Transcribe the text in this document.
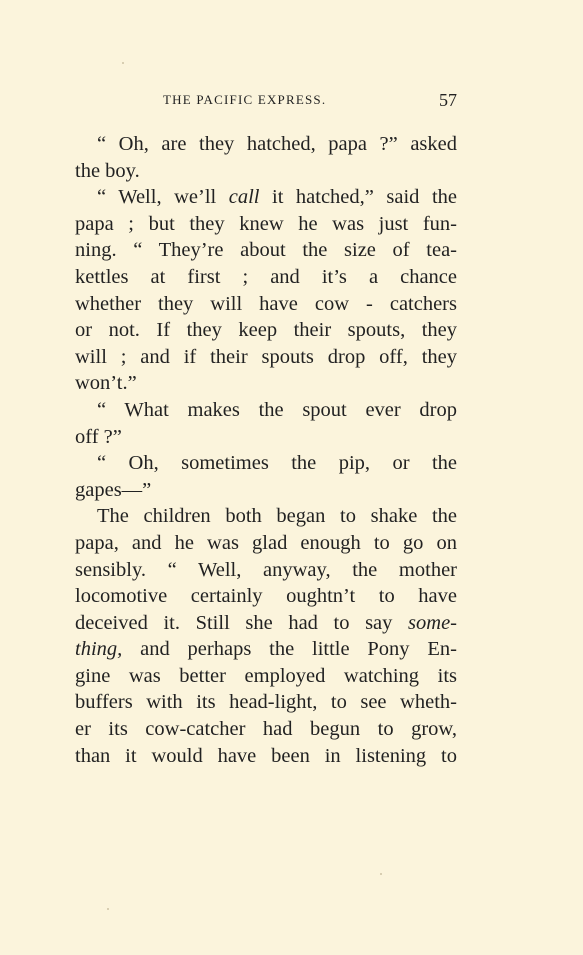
THE PACIFIC EXPRESS.	57
“ Oh, are they hatched, papa ?” asked
the boy.
“ Well, we’ll call it hatched,” said the
papa ; but they knew he was just fun-
ning. “ They’re about the size of tea-
kettles at first ; and it’s a chance
whether they will have cow - catchers
or not. If they keep their spouts, they
will ; and if their spouts drop off, they
won’t.”
“ What makes the spout ever drop
off ?”
“ Oh, sometimes the pip, or the
gapes—”
The children both began to shake the
papa, and he was glad enough to go on
sensibly. “ Well, anyway, the mother
locomotive certainly oughtn’t to have
deceived it. Still she had to say some-
thing, and perhaps the little Pony En-
gine was better employed watching its
buffers with its head-light, to see wheth-
er its cow-catcher had begun to grow,
than it would have been in listening to
